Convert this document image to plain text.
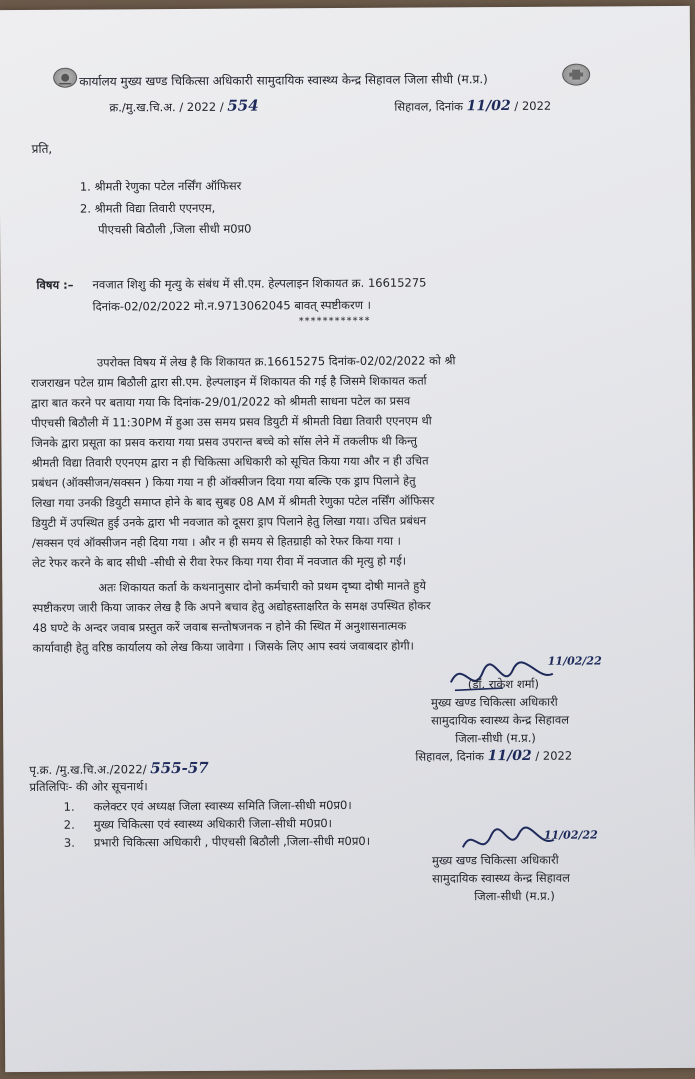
कार्यालय मुख्य खण्ड चिकित्सा अधिकारी सामुदायिक स्वास्थ्य केन्द्र सिहावल जिला सीधी (म.प्र.)
क्र./मु.ख.चि.अ. / 2022 / 554	सिहावल, दिनांक 11/02 / 2022
प्रति,
1. श्रीमती रेणुका पटेल नर्सिंग ऑफिसर
2. श्रीमती विद्या तिवारी एएनएम,
पीएचसी बिठौली ,जिला सीधी म0प्र0
विषय :– नवजात शिशु की मृत्यु के संबंध में सी.एम. हेल्पलाइन शिकायत क्र. 16615275
दिनांक-02/02/2022 मो.न.9713062045 बावत् स्पष्टीकरण ।
************
उपरोक्त विषय में लेख है कि शिकायत क्र.16615275 दिनांक-02/02/2022 को श्री
राजराखन पटेल ग्राम बिठौली द्वारा सी.एम. हेल्पलाइन में शिकायत की गई है जिसमे शिकायत कर्ता
द्वारा बात करने पर बताया गया कि दिनांक-29/01/2022 को श्रीमती साधना पटेल का प्रसव
पीएचसी बिठौली में 11:30PM में हुआ उस समय प्रसव डियुटी में श्रीमती विद्या तिवारी एएनएम थी
जिनके द्वारा प्रसूता का प्रसव कराया गया प्रसव उपरान्त बच्चे को सॉस लेने में तकलीफ थी किन्तु
श्रीमती विद्या तिवारी एएनएम द्वारा न ही चिकित्सा अधिकारी को सूचित किया गया और न ही उचित
प्रबंधन (ऑक्सीजन/सक्सन ) किया गया न ही ऑक्सीजन दिया गया बल्कि एक ड्राप पिलाने हेतु
लिखा गया उनकी डियुटी समाप्त होने के बाद सुबह 08 AM में श्रीमती रेणुका पटेल नर्सिंग ऑफिसर
डियुटी में उपस्थित हुई उनके द्वारा भी नवजात को दूसरा ड्राप पिलाने हेतु लिखा गया। उचित प्रबंधन
/सक्सन एवं ऑक्सीजन नही दिया गया । और न ही समय से हितग्राही को रेफर किया गया ।
लेट रेफर करने के बाद सीधी -सीधी से रीवा रेफर किया गया रीवा में नवजात की मृत्यु हो गई।
अतः शिकायत कर्ता के कथनानुसार दोनो कर्मचारी को प्रथम दृष्या दोषी मानते हुये
स्पष्टीकरण जारी किया जाकर लेख है कि अपने बचाव हेतु अद्योहस्ताक्षरित के समक्ष उपस्थित होकर
48 घण्टे के अन्दर जवाब प्रस्तुत करें जवाब सन्तोषजनक न होने की स्थित में अनुशासनात्मक
कार्यावाही हेतु वरिष्ठ कार्यालय को लेख किया जावेगा । जिसके लिए आप स्वयं जवाबदार होगी।
11/02/22
(डॉ. राकेश शर्मा)
मुख्य खण्ड चिकित्सा अधिकारी
सामुदायिक स्वास्थ्य केन्द्र सिहावल
जिला-सीधी (म.प्र.)
सिहावल, दिनांक 11/02 / 2022
पृ.क्र. /मु.ख.चि.अ./2022/ 555-57
प्रतिलिपिः- की ओर सूचनार्थ।
1. कलेक्टर एवं अध्यक्ष जिला स्वास्थ्य समिति जिला-सीधी म0प्र0।
2. मुख्य चिकित्सा एवं स्वास्थ्य अधिकारी जिला-सीधी म0प्र0।
3. प्रभारी चिकित्सा अधिकारी , पीएचसी बिठौली ,जिला-सीधी म0प्र0।	11/02/22
मुख्य खण्ड चिकित्सा अधिकारी
सामुदायिक स्वास्थ्य केन्द्र सिहावल
जिला-सीधी (म.प्र.)
